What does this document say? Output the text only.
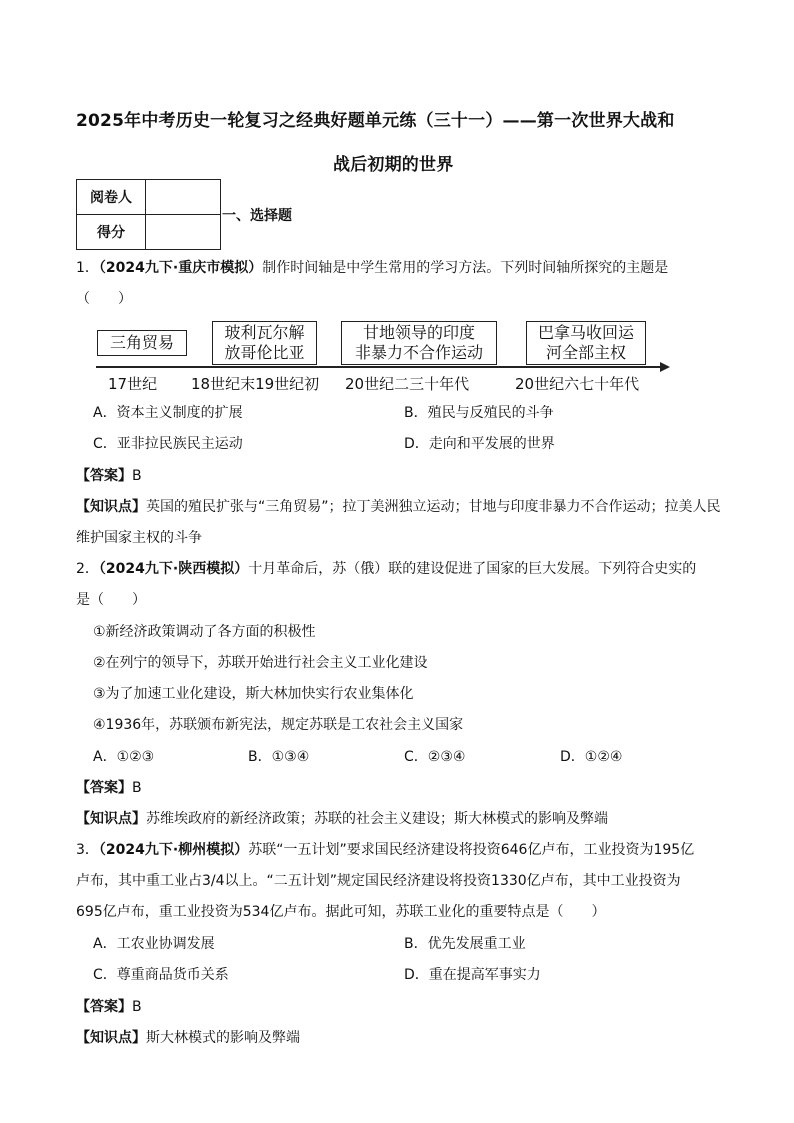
2025年中考历史一轮复习之经典好题单元练（三十一）——第一次世界大战和
战后初期的世界
阅卷人	
得分	
一、选择题
1．（2024九下·重庆市模拟）制作时间轴是中学生常用的学习方法。下列时间轴所探究的主题是
（　　）
三角贸易
玻利瓦尔解
放哥伦比亚
甘地领导的印度
非暴力不合作运动
巴拿马收回运
河全部主权
17世纪 18世纪末19世纪初 20世纪二三十年代	20世纪六七十年代
A．资本主义制度的扩展	B．殖民与反殖民的斗争
C．亚非拉民族民主运动	D．走向和平发展的世界
【答案】B
【知识点】英国的殖民扩张与“三角贸易”；拉丁美洲独立运动；甘地与印度非暴力不合作运动；拉美人民
维护国家主权的斗争
2．（2024九下·陕西模拟）十月革命后，苏（俄）联的建设促进了国家的巨大发展。下列符合史实的
是（　　）
①新经济政策调动了各方面的积极性
②在列宁的领导下，苏联开始进行社会主义工业化建设
③为了加速工业化建设，斯大林加快实行农业集体化
④1936年，苏联颁布新宪法，规定苏联是工农社会主义国家
A．①②③	B．①③④	C．②③④	D．①②④
【答案】B
【知识点】苏维埃政府的新经济政策；苏联的社会主义建设；斯大林模式的影响及弊端
3．（2024九下·柳州模拟）苏联“一五计划”要求国民经济建设将投资646亿卢布，工业投资为195亿
卢布，其中重工业占3/4以上。“二五计划”规定国民经济建设将投资1330亿卢布，其中工业投资为
695亿卢布，重工业投资为534亿卢布。据此可知，苏联工业化的重要特点是（　　）
A．工农业协调发展	B．优先发展重工业
C．尊重商品货币关系	D．重在提高军事实力
【答案】B
【知识点】斯大林模式的影响及弊端
